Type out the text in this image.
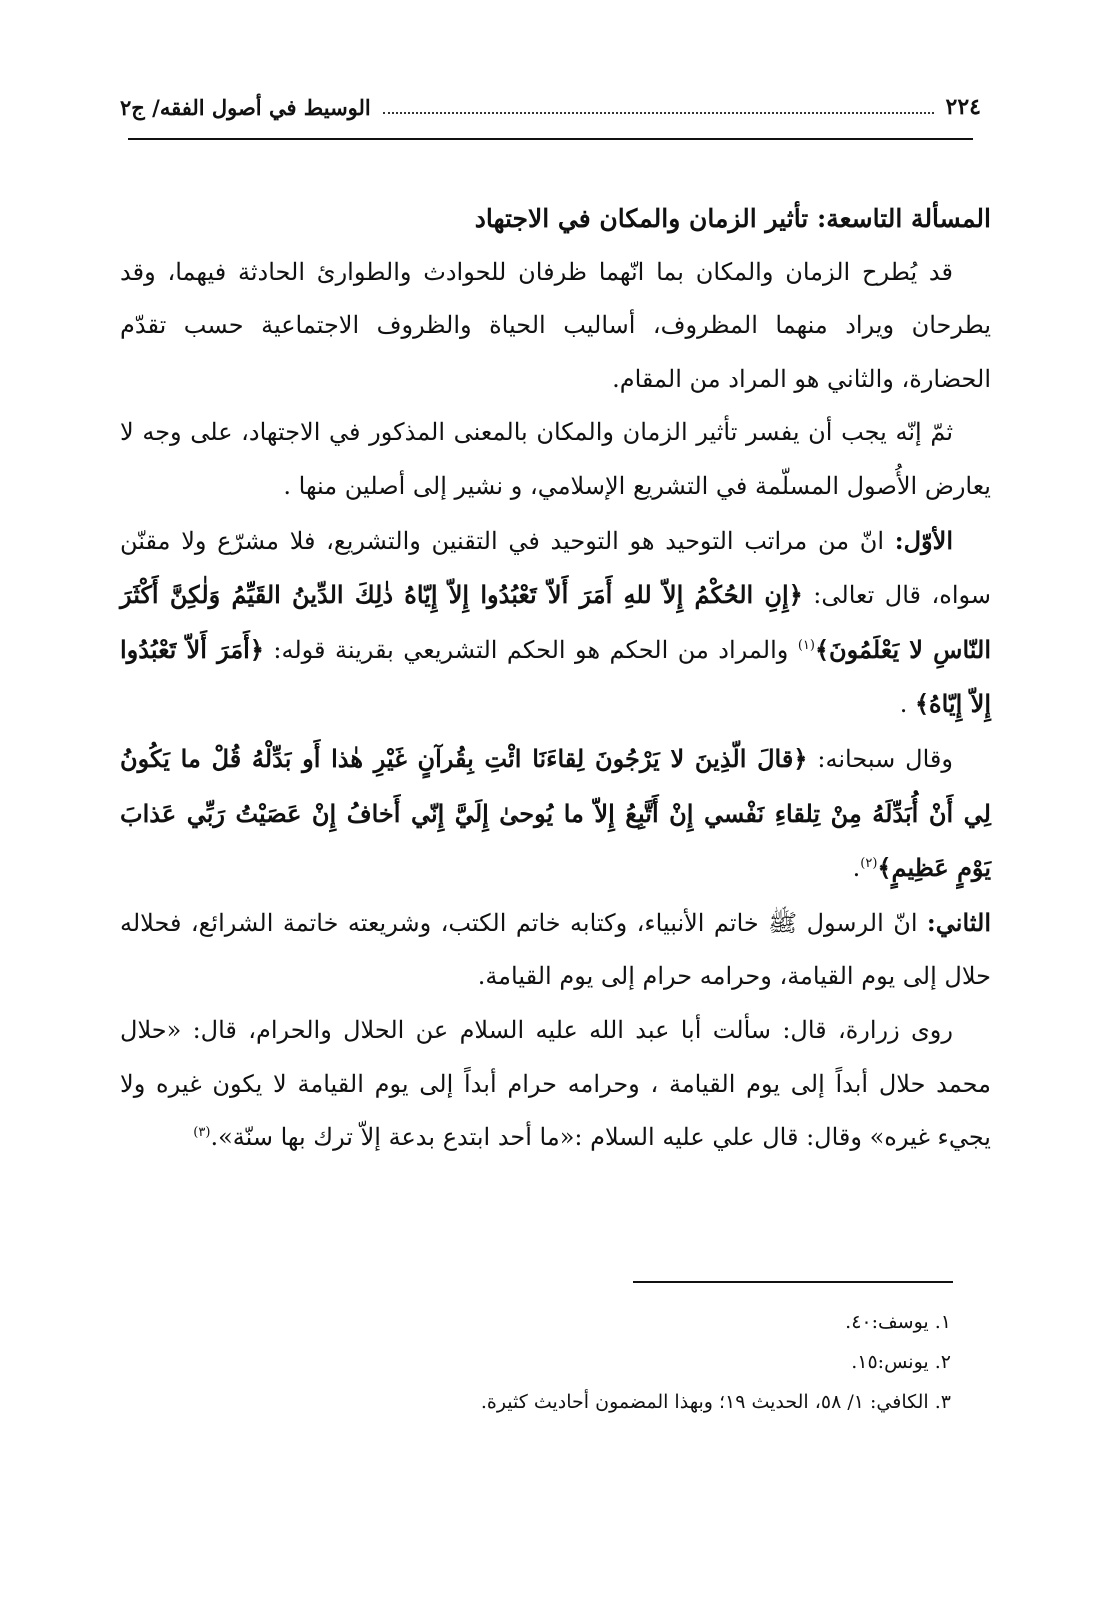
٢٢٤
الوسيط في أصول الفقه/ ج٢

المسألة التاسعة: تأثير الزمان والمكان في الاجتهاد

قد يُطرح الزمان والمكان بما انّهما ظرفان للحوادث والطوارئ الحادثة فيهما، وقد يطرحان ويراد منهما المظروف، أساليب الحياة والظروف الاجتماعية حسب تقدّم الحضارة، والثاني هو المراد من المقام.

ثمّ إنّه يجب أن يفسر تأثير الزمان والمكان بالمعنى المذكور في الاجتهاد، على وجه لا يعارض الأُصول المسلّمة في التشريع الإسلامي، و نشير إلى أصلين منها .

الأوّل: انّ من مراتب التوحيد هو التوحيد في التقنين والتشريع، فلا مشرّع ولا مقنّن سواه، قال تعالى: ﴿إِنِ الحُكْمُ إِلاّ للهِ أَمَرَ أَلاّ تَعْبُدُوا إِلاّ إِيّاهُ ذٰلِكَ الدِّينُ القَيِّمُ وَلٰكِنَّ أَكْثَرَ النّاسِ لا يَعْلَمُونَ﴾$^{(١)}$ والمراد من الحكم هو الحكم التشريعي بقرينة قوله: ﴿أَمَرَ أَلاّ تَعْبُدُوا إِلاّ إِيّاهُ﴾ .

وقال سبحانه: ﴿قالَ الّذِينَ لا يَرْجُونَ لِقاءَنَا ائْتِ بِقُرآنٍ غَيْرِ هٰذا أَو بَدِّلْهُ قُلْ ما يَكُونُ لِي أَنْ أُبَدِّلَهُ مِنْ تِلقاءِ نَفْسي إِنْ أَتَّبِعُ إِلاّ ما يُوحىٰ إِلَيَّ إِنّي أَخافُ إِنْ عَصَيْتُ رَبِّي عَذابَ يَوْمٍ عَظِيمٍ﴾$^{(٢)}$.

الثاني: انّ الرسول ﷺ خاتم الأنبياء، وكتابه خاتم الكتب، وشريعته خاتمة الشرائع، فحلاله حلال إلى يوم القيامة، وحرامه حرام إلى يوم القيامة.

روى زرارة، قال: سألت أبا عبد الله عليه السلام عن الحلال والحرام، قال: «حلال محمد حلال أبداً إلى يوم القيامة ، وحرامه حرام أبداً إلى يوم القيامة لا يكون غيره ولا يجيء غيره» وقال: قال علي عليه السلام :«ما أحد ابتدع بدعة إلاّ ترك بها سنّة».$^{(٣)}$

١. يوسف:٤٠.

٢. يونس:١٥.

٣. الكافي: ١/ ٥٨، الحديث ١٩؛ وبهذا المضمون أحاديث كثيرة.
